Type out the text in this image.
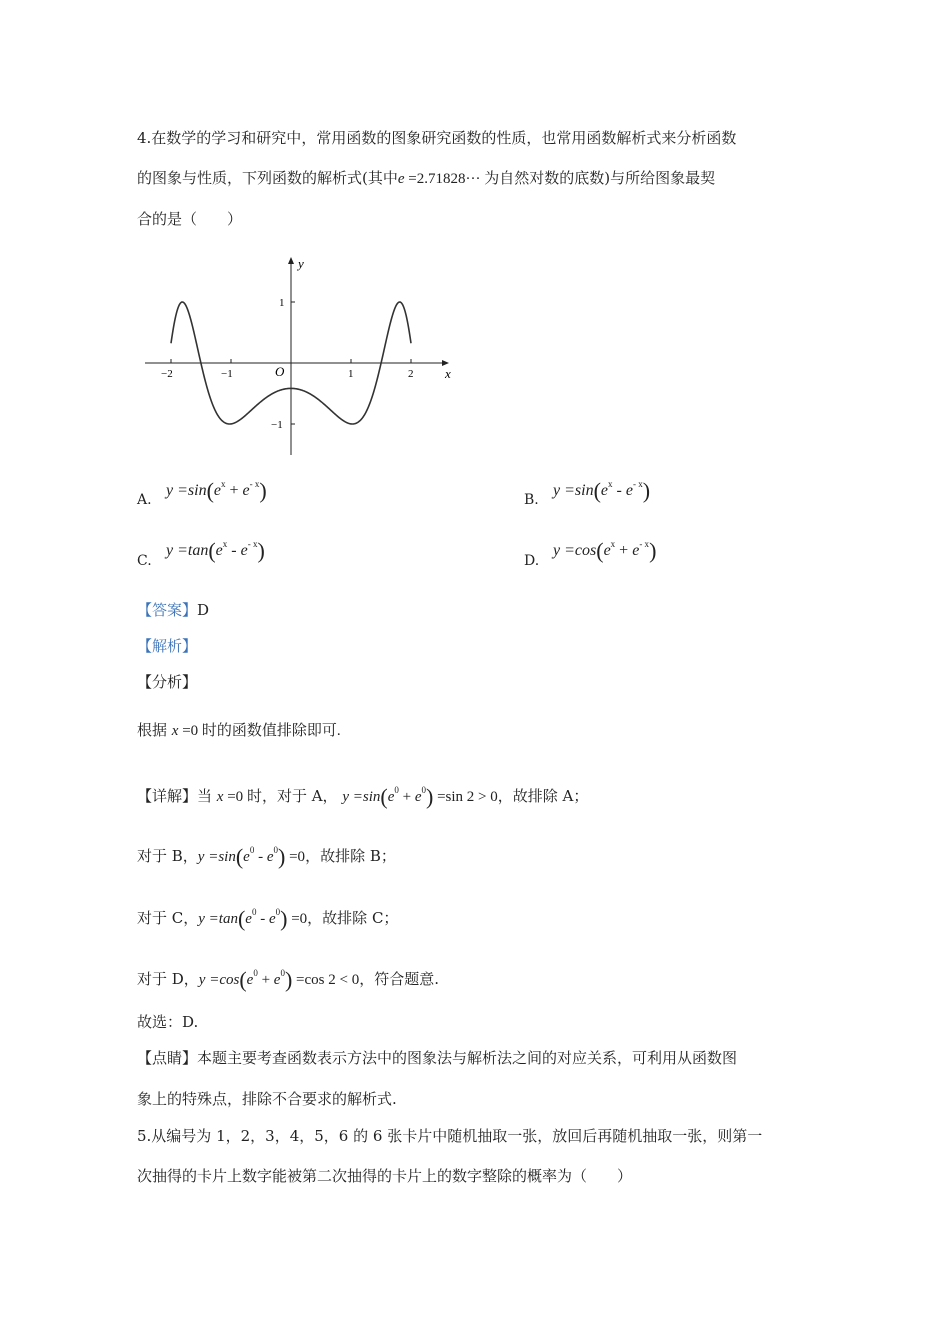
4.在数学的学习和研究中，常用函数的图象研究函数的性质，也常用函数解析式来分析函数
的图象与性质，下列函数的解析式(其中e =2.71828··· 为自然对数的底数)与所给图象最契
合的是（　　）
y
x
O
−2	−1	1	2
1
−1
A.
$y =\sin(e^x + e^{- x})$	B.
$y =\sin(e^x - e^{- x})$
C.
$y =\tan(e^x - e^{- x})$	D.
$y =\cos(e^x + e^{- x})$
【答案】D
【解析】
【分析】
根据 x =0 时的函数值排除即可.
【详解】当 x =0 时，对于 A， $y =\sin(e^0 + e^0) =\sin$ 2 > 0，故排除 A；
对于 B，$y =\sin(e^0 - e^0) =0$，故排除 B；
对于 C，$y =\tan(e^0 - e^0) =0$，故排除 C；
对于 D，$y =\cos(e^0 + e^0) =\cos$ 2 < 0，符合题意.
故选：D.
【点睛】本题主要考查函数表示方法中的图象法与解析法之间的对应关系，可利用从函数图
象上的特殊点，排除不合要求的解析式.
5.从编号为 1，2，3，4，5，6 的 6 张卡片中随机抽取一张，放回后再随机抽取一张，则第一
次抽得的卡片上数字能被第二次抽得的卡片上的数字整除的概率为（　　）
